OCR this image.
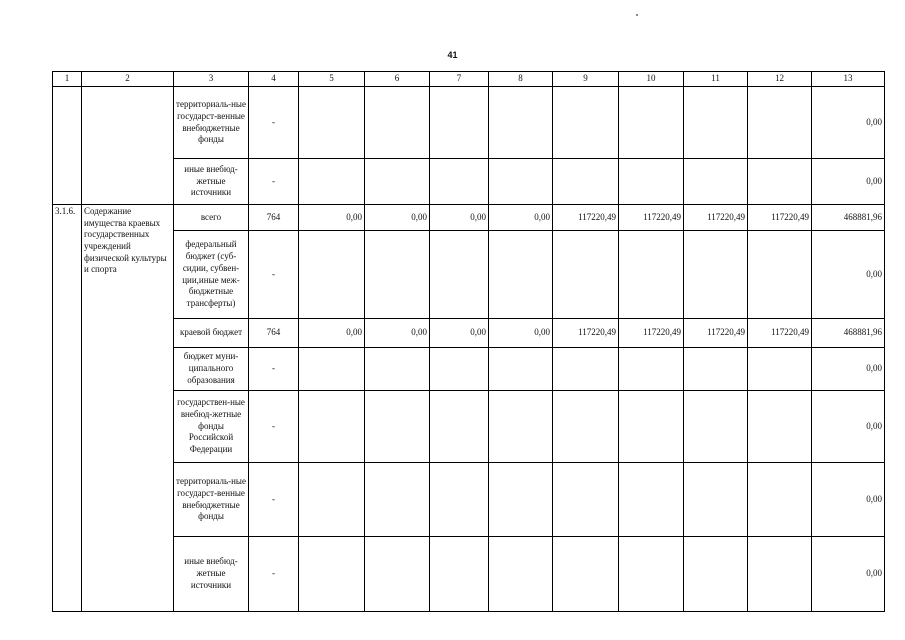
41
1	2	3	4	5	6	7	8	9	10	11	12	13
		территориаль-ные государст-венные внебюджетные фонды	-									0,00
		иные внебюд-жетные источники	-									0,00
3.1.6.	Содержание имущества краевых государственных учреждений физической культуры и спорта	всего	764	0,00	0,00	0,00	0,00	117220,49	117220,49	117220,49	117220,49	468881,96
		федеральный бюджет (суб-сидии, субвен-ции,иные меж-бюджетные трансферты)	-									0,00
		краевой бюджет	764	0,00	0,00	0,00	0,00	117220,49	117220,49	117220,49	117220,49	468881,96
		бюджет муни-ципального образования	-									0,00
		государствен-ные внебюд-жетные фонды Российской Федерации	-									0,00
		территориаль-ные государст-венные внебюджетные фонды	-									0,00
		иные внебюд-жетные источники	-									0,00
